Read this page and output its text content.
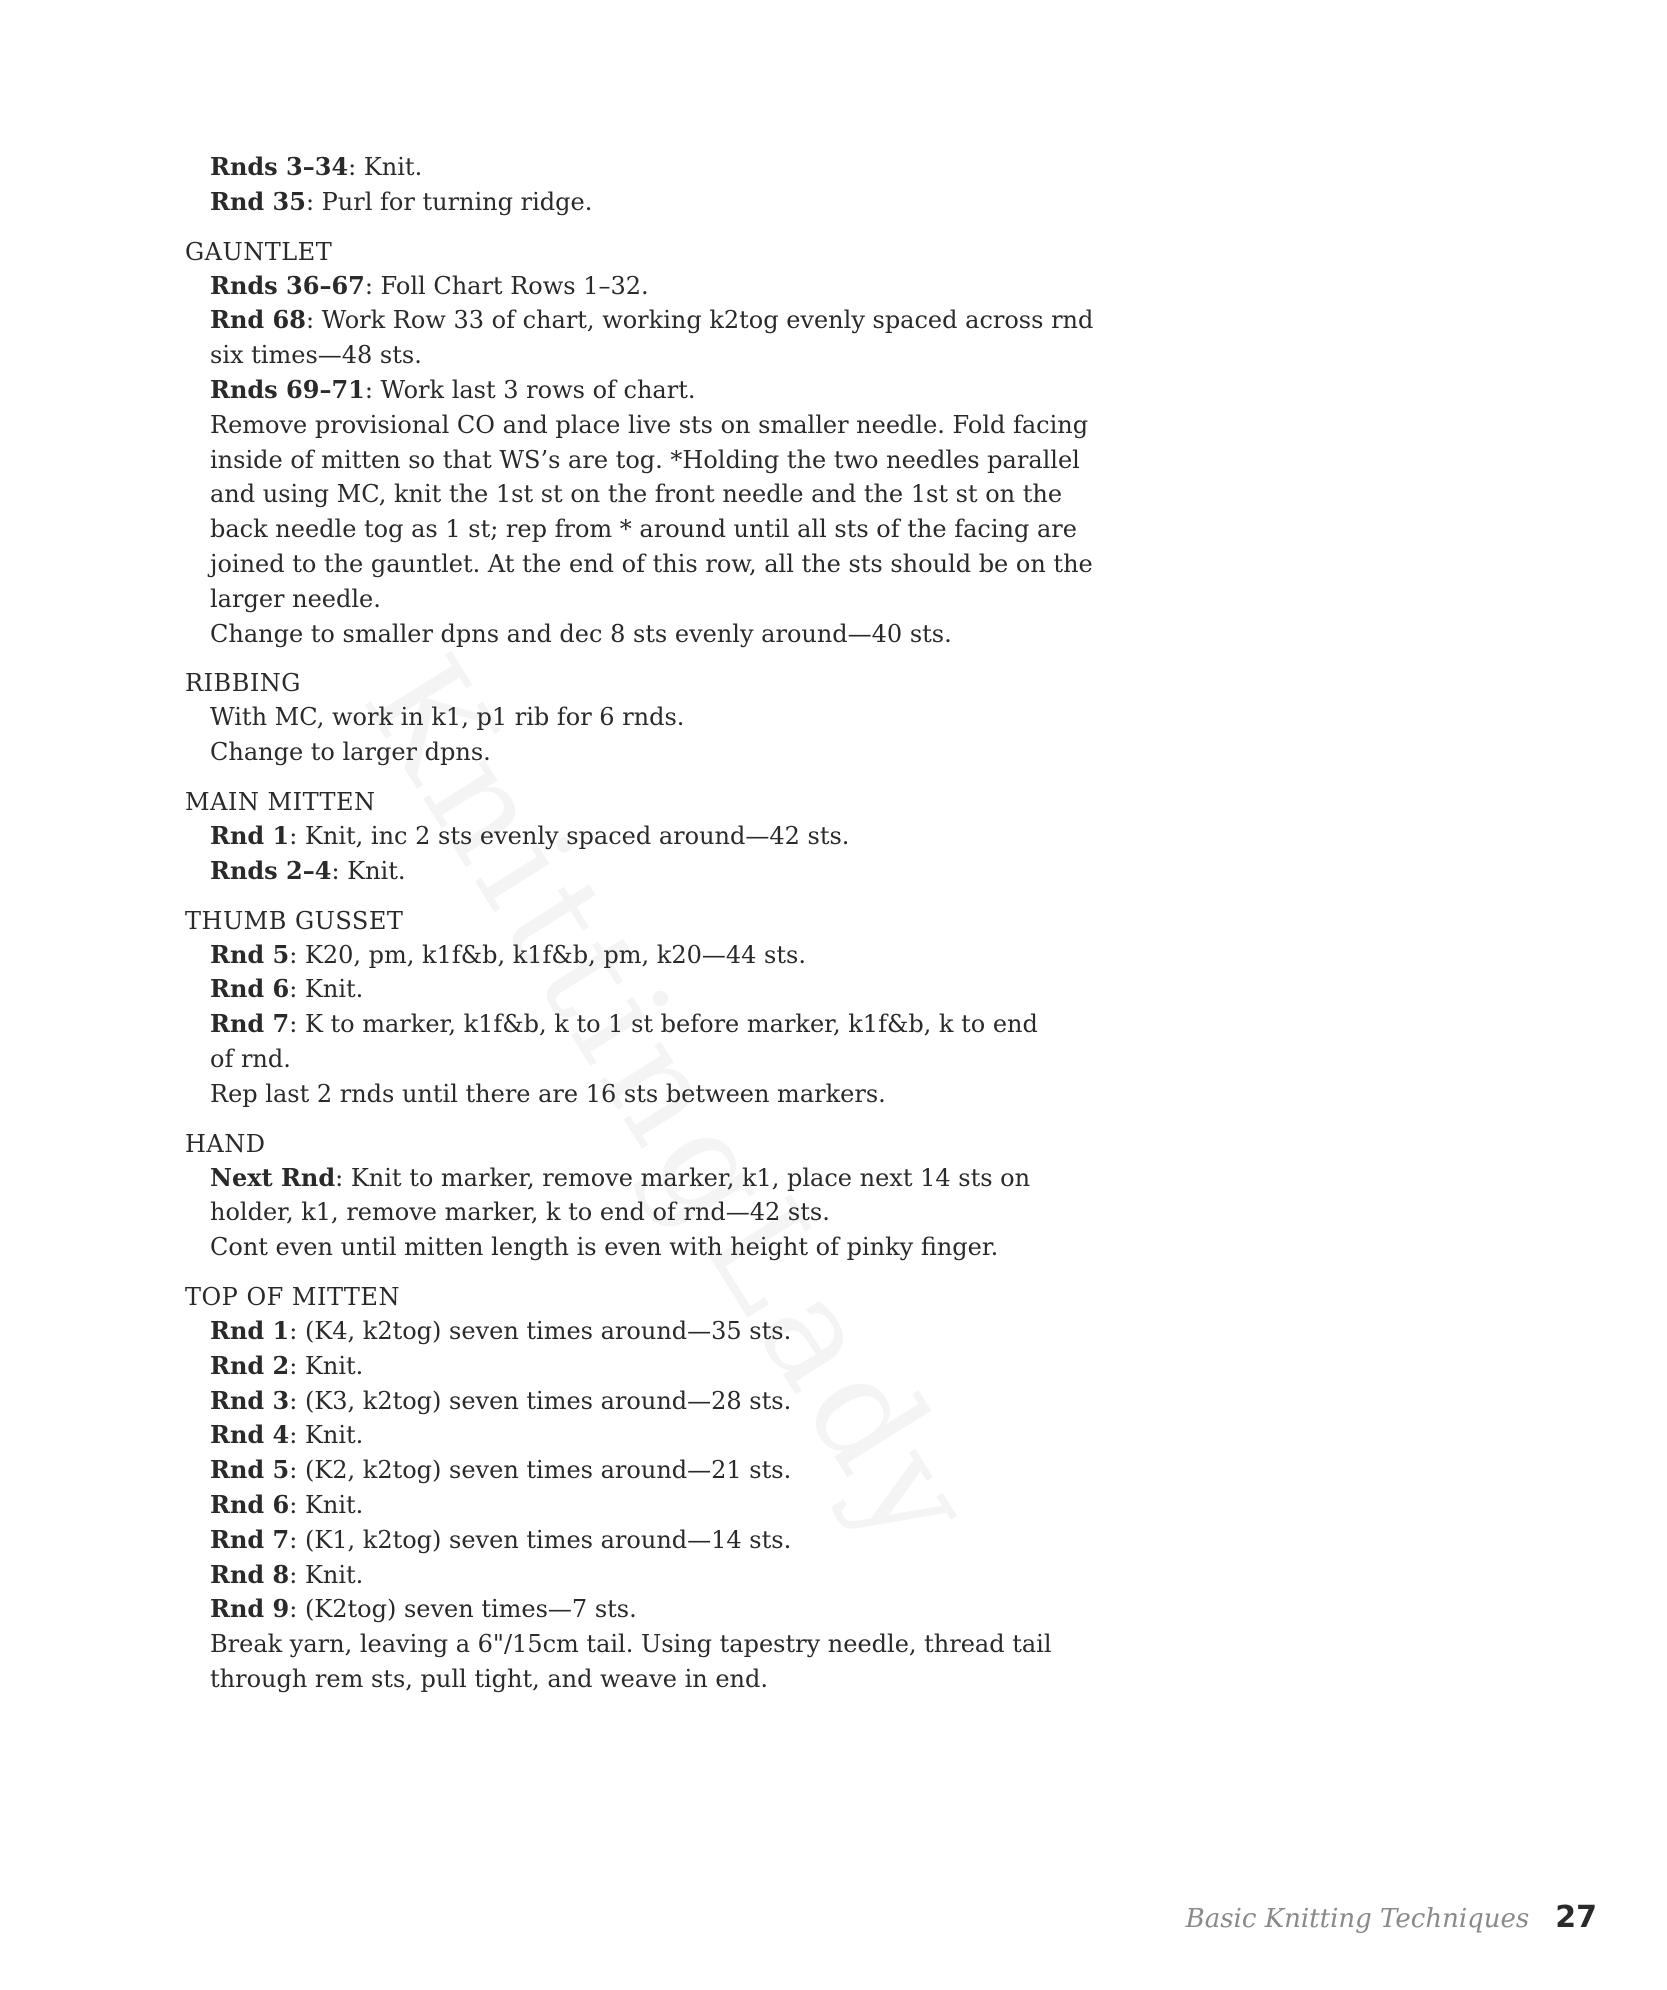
Rnds 3–34: Knit.
Rnd 35: Purl for turning ridge.
GAUNTLET
Rnds 36–67: Foll Chart Rows 1–32.
Rnd 68: Work Row 33 of chart, working k2tog evenly spaced across rnd
six times—48 sts.
Rnds 69–71: Work last 3 rows of chart.
Remove provisional CO and place live sts on smaller needle. Fold facing
inside of mitten so that WS’s are tog. *Holding the two needles parallel
and using MC, knit the 1st st on the front needle and the 1st st on the
back needle tog as 1 st; rep from * around until all sts of the facing are
joined to the gauntlet. At the end of this row, all the sts should be on the
larger needle.
Change to smaller dpns and dec 8 sts evenly around—40 sts.
RIBBING
With MC, work in k1, p1 rib for 6 rnds.
Change to larger dpns.
MAIN MITTEN
Rnd 1: Knit, inc 2 sts evenly spaced around—42 sts.
Rnds 2–4: Knit.
THUMB GUSSET
Rnd 5: K20, pm, k1f&b, k1f&b, pm, k20—44 sts.
Rnd 6: Knit.
Rnd 7: K to marker, k1f&b, k to 1 st before marker, k1f&b, k to end
of rnd.
Rep last 2 rnds until there are 16 sts between markers.
HAND
Next Rnd: Knit to marker, remove marker, k1, place next 14 sts on
holder, k1, remove marker, k to end of rnd—42 sts.
Cont even until mitten length is even with height of pinky finger.
TOP OF MITTEN
Rnd 1: (K4, k2tog) seven times around—35 sts.
Rnd 2: Knit.
Rnd 3: (K3, k2tog) seven times around—28 sts.
Rnd 4: Knit.
Rnd 5: (K2, k2tog) seven times around—21 sts.
Rnd 6: Knit.
Rnd 7: (K1, k2tog) seven times around—14 sts.
Rnd 8: Knit.
Rnd 9: (K2tog) seven times—7 sts.
Break yarn, leaving a 6"/15cm tail. Using tapestry needle, thread tail
through rem sts, pull tight, and weave in end.
Basic Knitting Techniques 27
